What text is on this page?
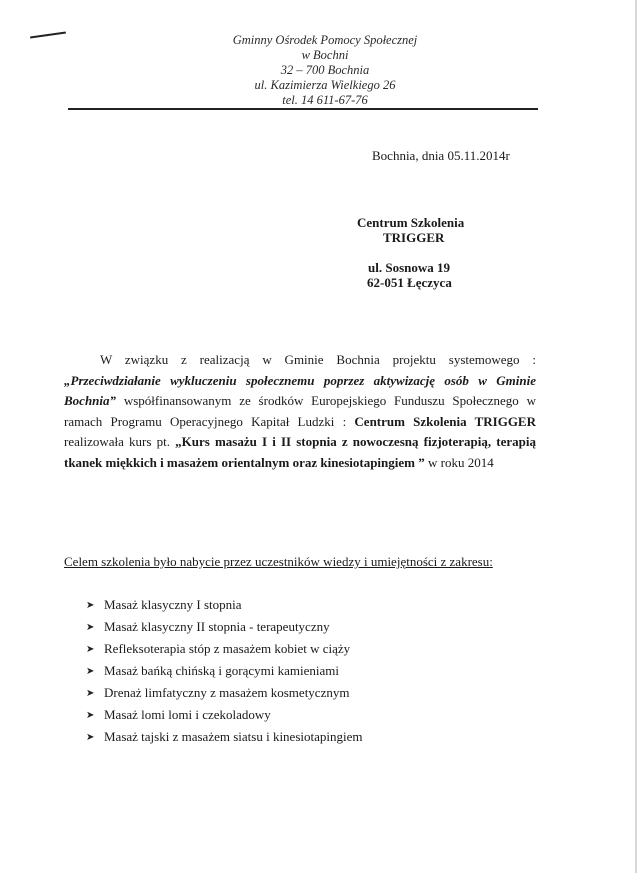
Gminny Ośrodek Pomocy Społecznej
w Bochni
32 – 700 Bochnia
ul. Kazimierza Wielkiego 26
tel. 14 611-67-76
Bochnia, dnia 05.11.2014r
Centrum Szkolenia
TRIGGER
ul. Sosnowa 19
62-051 Łęczyca
W związku z realizacją w Gminie Bochnia projektu systemowego : „Przeciwdziałanie wykluczeniu społecznemu poprzez aktywizację osób w Gminie Bochnia” współfinansowanym ze środków Europejskiego Funduszu Społecznego w ramach Programu Operacyjnego Kapitał Ludzki : Centrum Szkolenia TRIGGER realizowała kurs pt. „Kurs masażu I i II stopnia z nowoczesną fizjoterapią, terapią tkanek miękkich i masażem orientalnym oraz kinesiotapingiem ” w roku 2014
Celem szkolenia było nabycie przez uczestników wiedzy i umiejętności z zakresu:
➤ Masaż klasyczny I stopnia
➤ Masaż klasyczny II stopnia - terapeutyczny
➤ Refleksoterapia stóp z masażem kobiet w ciąży
➤ Masaż bańką chińską i gorącymi kamieniami
➤ Drenaż limfatyczny z masażem kosmetycznym
➤ Masaż lomi lomi i czekoladowy
➤ Masaż tajski z masażem siatsu i kinesiotapingiem
